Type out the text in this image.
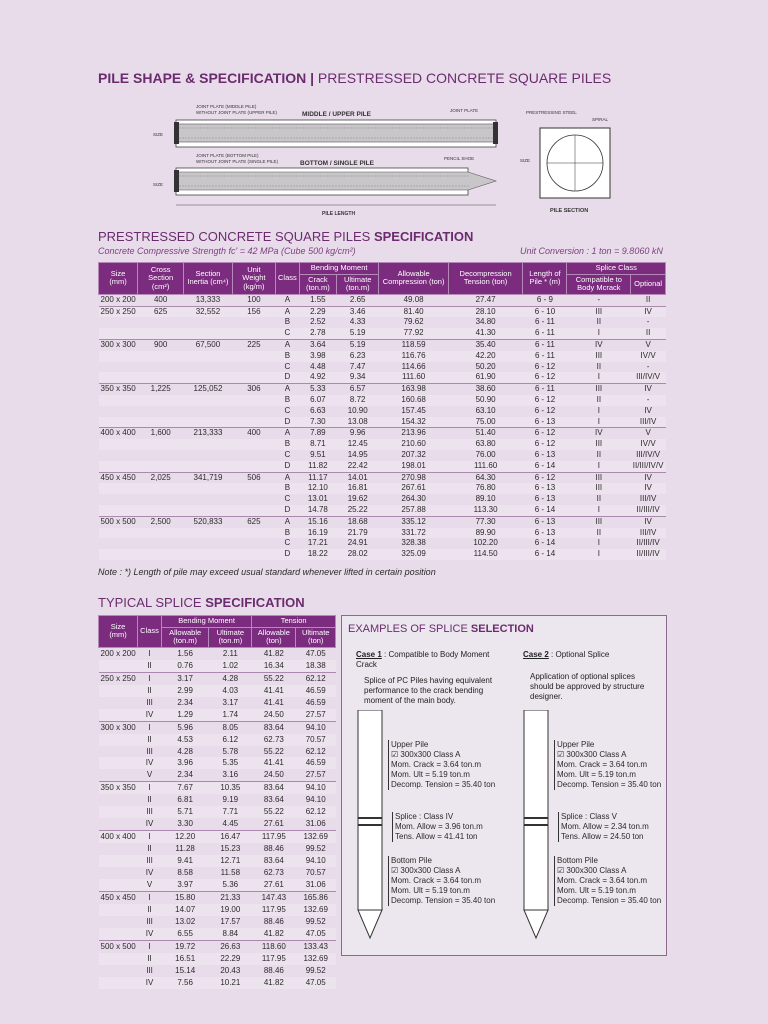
PILE SHAPE & SPECIFICATION | PRESTRESSED CONCRETE SQUARE PILES
JOINT PLATE (MIDDLE PILE)
WITHOUT JOINT PLATE (UPPER PILE)	MIDDLE / UPPER PILE
JOINT PLATE	PRESTRESSING STEEL
SPIRAL
SIZE
JOINT PLATE (BOTTOM PILE)
WITHOUT JOINT PLATE (SINGLE PILE)	BOTTOM / SINGLE PILE
PENCIL SHOE	SIZE
SIZE
PILE LENGTH	PILE SECTION
PRESTRESSED CONCRETE SQUARE PILES SPECIFICATION
Concrete Compressive Strength fc' = 42 MPa (Cube 500 kg/cm²)	Unit Conversion : 1 ton = 9.8060 kN
Size (mm)	Cross Section (cm²)	Section Inertia (cm⁴)	Unit Weight (kg/m)	Class	Bending Moment		Allowable Compression (ton)	Decompression Tension (ton)	Length of Pile * (m)	Splice Class	
					Crack (ton.m)	Ultimate (ton.m)				Compatible to Body Mcrack	Optional
200 x 200	400	13,333	100	A	1.55	2.65	49.08	27.47	6 - 9	-	II
250 x 250	625	32,552	156	A	2.29	3.46	81.40	28.10	6 - 10	III	IV
				B	2.52	4.33	79.62	34.80	6 - 11	II	-
				C	2.78	5.19	77.92	41.30	6 - 11	I	II
300 x 300	900	67,500	225	A	3.64	5.19	118.59	35.40	6 - 11	IV	V
				B	3.98	6.23	116.76	42.20	6 - 11	III	IV/V
				C	4.48	7.47	114.66	50.20	6 - 12	II	-
				D	4.92	9.34	111.60	61.90	6 - 12	I	III/IV/V
350 x 350	1,225	125,052	306	A	5.33	6.57	163.98	38.60	6 - 11	III	IV
				B	6.07	8.72	160.68	50.90	6 - 12	II	-
				C	6.63	10.90	157.45	63.10	6 - 12	I	IV
				D	7.30	13.08	154.32	75.00	6 - 13	I	III/IV
400 x 400	1,600	213,333	400	A	7.89	9.96	213.96	51.40	6 - 12	IV	V
				B	8.71	12.45	210.60	63.80	6 - 12	III	IV/V
				C	9.51	14.95	207.32	76.00	6 - 13	II	III/IV/V
				D	11.82	22.42	198.01	111.60	6 - 14	I	II/III/IV/V
450 x 450	2,025	341,719	506	A	11.17	14.01	270.98	64.30	6 - 12	III	IV
				B	12.10	16.81	267.61	76.80	6 - 13	III	IV
				C	13.01	19.62	264.30	89.10	6 - 13	II	III/IV
				D	14.78	25.22	257.88	113.30	6 - 14	I	II/III/IV
500 x 500	2,500	520,833	625	A	15.16	18.68	335.12	77.30	6 - 13	III	IV
				B	16.19	21.79	331.72	89.90	6 - 13	II	III/IV
				C	17.21	24.91	328.38	102.20	6 - 14	I	II/III/IV
				D	18.22	28.02	325.09	114.50	6 - 14	I	II/III/IV
Note : *) Length of pile may exceed usual standard whenever lifted in certain position
TYPICAL SPLICE SPECIFICATION
Size (mm)	Class	Bending Moment		Tension	
		Allowable (ton.m)	Ultimate (ton.m)	Allowable (ton)	Ultimate (ton)
200 x 200	I	1.56	2.11	41.82	47.05
	II	0.76	1.02	16.34	18.38
250 x 250	I	3.17	4.28	55.22	62.12
	II	2.99	4.03	41.41	46.59
	III	2.34	3.17	41.41	46.59
	IV	1.29	1.74	24.50	27.57
300 x 300	I	5.96	8.05	83.64	94.10
	II	4.53	6.12	62.73	70.57
	III	4.28	5.78	55.22	62.12
	IV	3.96	5.35	41.41	46.59
	V	2.34	3.16	24.50	27.57
350 x 350	I	7.67	10.35	83.64	94.10
	II	6.81	9.19	83.64	94.10
	III	5.71	7.71	55.22	62.12
	IV	3.30	4.45	27.61	31.06
400 x 400	I	12.20	16.47	117.95	132.69
	II	11.28	15.23	88.46	99.52
	III	9.41	12.71	83.64	94.10
	IV	8.58	11.58	62.73	70.57
	V	3.97	5.36	27.61	31.06
450 x 450	I	15.80	21.33	147.43	165.86
	II	14.07	19.00	117.95	132.69
	III	13.02	17.57	88.46	99.52
	IV	6.55	8.84	41.82	47.05
500 x 500	I	19.72	26.63	118.60	133.43
	II	16.51	22.29	117.95	132.69
	III	15.14	20.43	88.46	99.52
	IV	7.56	10.21	41.82	47.05
EXAMPLES OF SPLICE SELECTION
Case 1 : Compatible to Body Moment Crack
Splice of PC Piles having equivalent performance to the crack bending moment of the main body.
Case 2 : Optional Splice
Application of optional splices should be approved by structure designer.
Upper Pile
☑ 300x300 Class A
Mom. Crack = 3.64 ton.m
Mom. Ult = 5.19 ton.m
Decomp. Tension = 35.40 ton
Splice : Class IV
Mom. Allow = 3.96 ton.m
Tens. Allow = 41.41 ton
Bottom Pile
☑ 300x300 Class A
Mom. Crack = 3.64 ton.m
Mom. Ult = 5.19 ton.m
Decomp. Tension = 35.40 ton
Upper Pile
☑ 300x300 Class A
Mom. Crack = 3.64 ton.m
Mom. Ult = 5.19 ton.m
Decomp. Tension = 35.40 ton
Splice : Class V
Mom. Allow = 2.34 ton.m
Tens. Allow = 24.50 ton
Bottom Pile
☑ 300x300 Class A
Mom. Crack = 3.64 ton.m
Mom. Ult = 5.19 ton.m
Decomp. Tension = 35.40 ton
